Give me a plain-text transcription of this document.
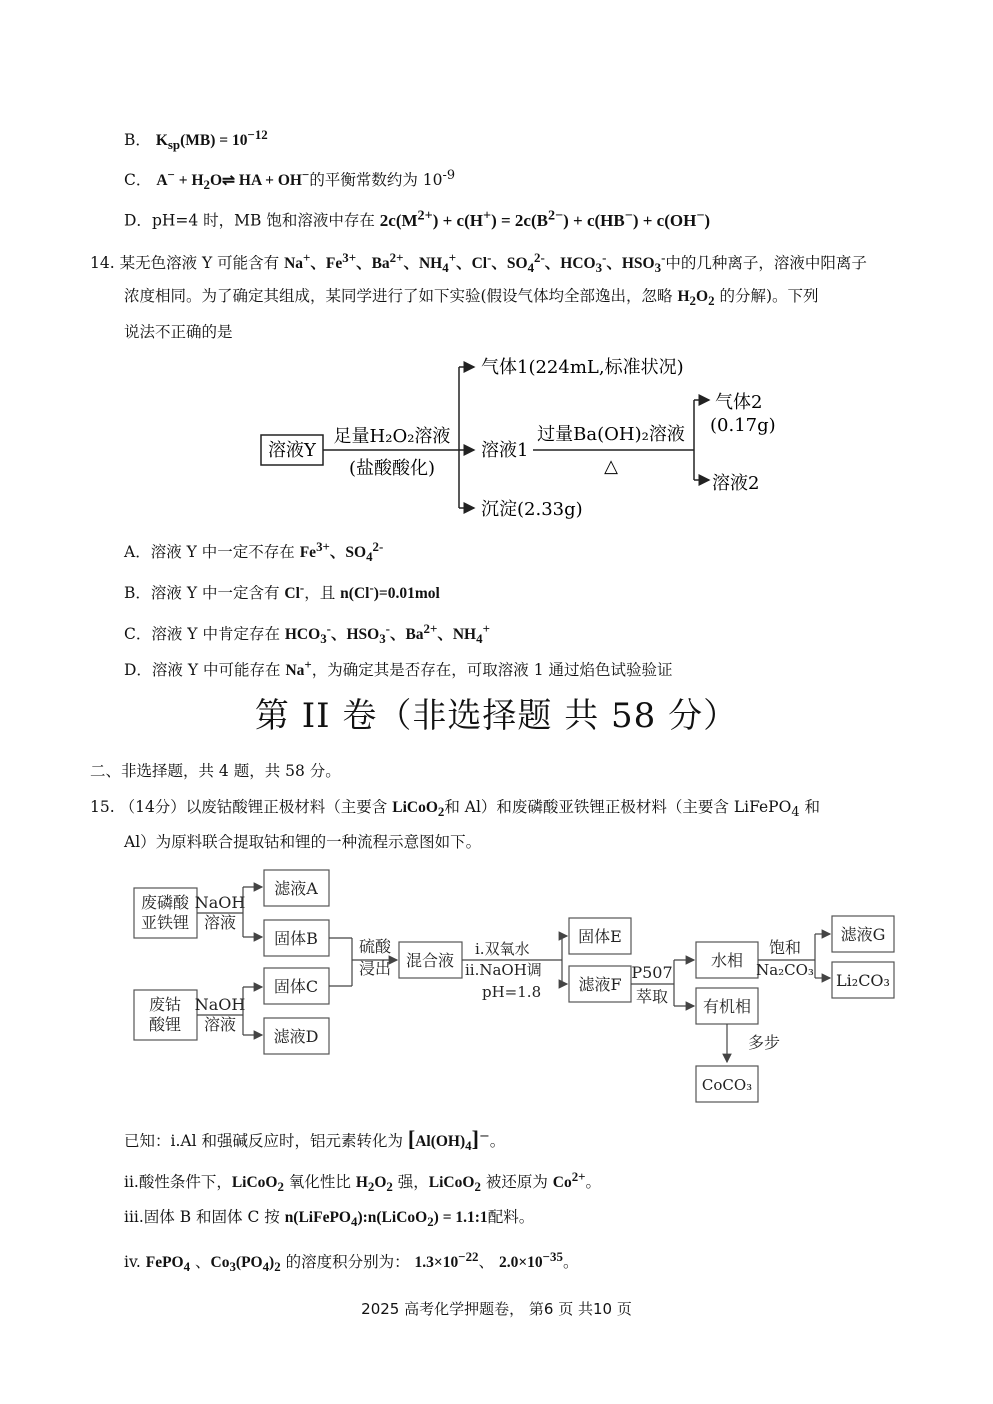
B． $K_{sp}(MB) = 10^{-12}$
C． $A^- + H_2O\rightleftharpoons$ HA + OH−的平衡常数约为 $10^{-9}$
D．pH=4 时，MB 饱和溶液中存在 $2c(M^{2+}) + c(H^+) = 2c(B^{2-}) + c(HB^-) + c(OH^-)$
14. 某无色溶液 Y 可能含有 Na+、$Fe^{3+}$、$Ba^{2+}$、$NH_4^+$、Cl-、$SO_4^{2-}$、$HCO_3^-$、$HSO_3^-$中的几种离子，溶液中阳离子
浓度相同。为了确定其组成，某同学进行了如下实验(假设气体均全部逸出，忽略 $H_2O_2$ 的分解)。下列
说法不正确的是
溶液Y
足量H₂O₂溶液
(盐酸酸化)
气体1(224mL,标准状况)
溶液1
沉淀(2.33g)
过量Ba(OH)₂溶液
△
气体2
(0.17g)
溶液2
A．溶液 Y 中一定不存在 $Fe^{3+}$、$SO_4^{2-}$
B．溶液 Y 中一定含有 Cl-，且 n(Cl-)=0.01mol
C．溶液 Y 中肯定存在 $HCO_3^-$、$HSO_3^-$、$Ba^{2+}$、$NH_4^+$
D．溶液 Y 中可能存在 Na+，为确定其是否存在，可取溶液 1 通过焰色试验验证
第 II 卷（非选择题 共 58 分）
二、非选择题，共 4 题，共 58 分。
15. （14分）以废钴酸锂正极材料（主要含 LiCoO$_2$和 Al）和废磷酸亚铁锂正极材料（主要含 LiFePO$_4$ 和
Al）为原料联合提取钴和锂的一种流程示意图如下。
废磷酸
亚铁锂
NaOH
溶液
滤液A
固体B
废钴
酸锂
NaOH
溶液
固体C
滤液D
硫酸
浸出 混合液
i.双氧水
ii.NaOH调
pH=1.8
固体E
滤液F
P507
萃取
水相
有机相
饱和
Na₂CO₃
滤液G
Li₂CO₃
多步
CoCO₃
已知：i.Al 和强碱反应时，铝元素转化为 $[Al(OH)_4]^-$。
ii.酸性条件下，LiCoO$_2$ 氧化性比 $H_2O_2$ 强，LiCoO$_2$ 被还原为 $Co^{2+}$。
iii.固体 B 和固体 C 按 n(LiFePO$_4$):n(LiCoO$_2$) = 1.1:1配料。
iv. FePO$_4$ 、$Co_3(PO_4)_2$ 的溶度积分别为： $1.3\times 10^{-22}$、 $2.0\times 10^{-35}$。
2025 高考化学押题卷， 第6 页 共10 页
